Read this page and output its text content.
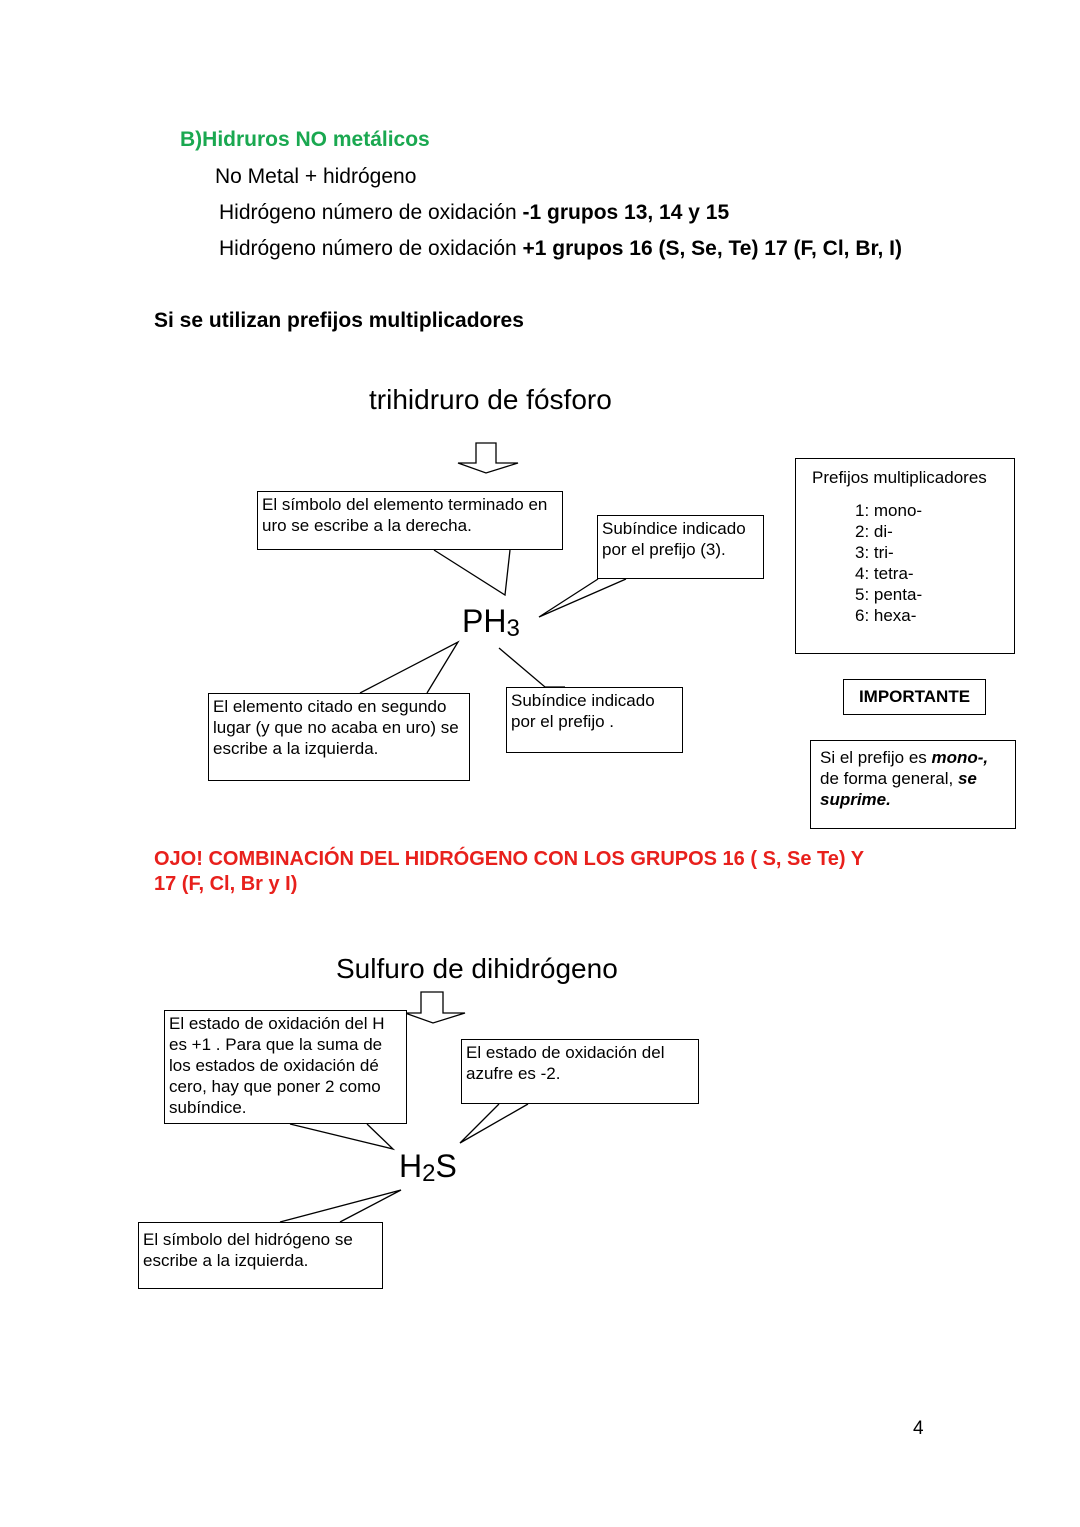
B)Hidruros NO metálicos
No Metal + hidrógeno
Hidrógeno número de oxidación -1 grupos 13, 14 y 15
Hidrógeno número de oxidación +1 grupos 16 (S, Se, Te) 17 (F, Cl, Br, I)
Si se utilizan prefijos multiplicadores
trihidruro de fósforo
El símbolo del elemento terminado en uro se escribe a la derecha.	Subíndice indicado por el prefijo (3).
$PH_3$
El elemento citado en segundo lugar (y que no acaba en uro) se escribe a la izquierda.
Subíndice indicado por el prefijo .
Prefijos multiplicadores
1: mono-
2: di-
3: tri-
4: tetra-
5: penta-
6: hexa-
IMPORTANTE
Si el prefijo es mono-, de forma general, se
suprime.
OJO! COMBINACIÓN DEL HIDRÓGENO CON LOS GRUPOS 16 ( S, Se Te) Y
17 (F, Cl, Br y I)
Sulfuro de dihidrógeno
El estado de oxidación del H es +1 . Para que la suma de los estados de oxidación dé cero, hay que poner 2 como subíndice.
El estado de oxidación del azufre es -2.
$H_2S$
El símbolo del hidrógeno se escribe a la izquierda.
4
